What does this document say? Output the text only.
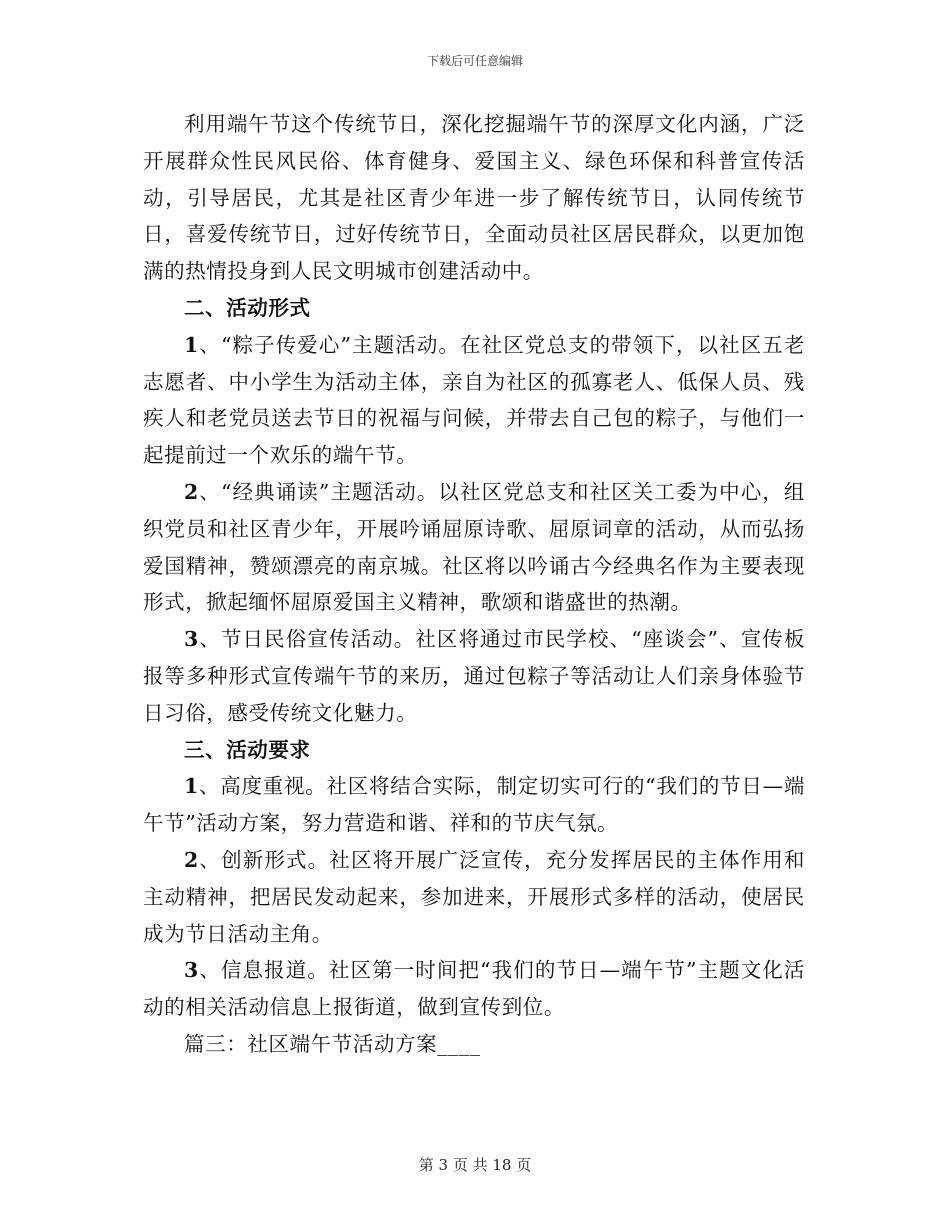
下载后可任意编辑

利用端午节这个传统节日，深化挖掘端午节的深厚文化内涵，广泛开展群众性民风民俗、体育健身、爱国主义、绿色环保和科普宣传活动，引导居民，尤其是社区青少年进一步了解传统节日，认同传统节日，喜爱传统节日，过好传统节日，全面动员社区居民群众，以更加饱满的热情投身到人民文明城市创建活动中。

二、活动形式

1、“粽子传爱心”主题活动。在社区党总支的带领下，以社区五老志愿者、中小学生为活动主体，亲自为社区的孤寡老人、低保人员、残疾人和老党员送去节日的祝福与问候，并带去自己包的粽子，与他们一起提前过一个欢乐的端午节。

2、“经典诵读”主题活动。以社区党总支和社区关工委为中心，组织党员和社区青少年，开展吟诵屈原诗歌、屈原词章的活动，从而弘扬爱国精神，赞颂漂亮的南京城。社区将以吟诵古今经典名作为主要表现形式，掀起缅怀屈原爱国主义精神，歌颂和谐盛世的热潮。

3、节日民俗宣传活动。社区将通过市民学校、“座谈会”、宣传板报等多种形式宣传端午节的来历，通过包粽子等活动让人们亲身体验节日习俗，感受传统文化魅力。

三、活动要求

1、高度重视。社区将结合实际，制定切实可行的“我们的节日—端午节”活动方案，努力营造和谐、祥和的节庆气氛。

2、创新形式。社区将开展广泛宣传，充分发挥居民的主体作用和主动精神，把居民发动起来，参加进来，开展形式多样的活动，使居民成为节日活动主角。

3、信息报道。社区第一时间把“我们的节日—端午节”主题文化活动的相关活动信息上报街道，做到宣传到位。

篇三：社区端午节活动方案____

第 3 页 共 18 页
